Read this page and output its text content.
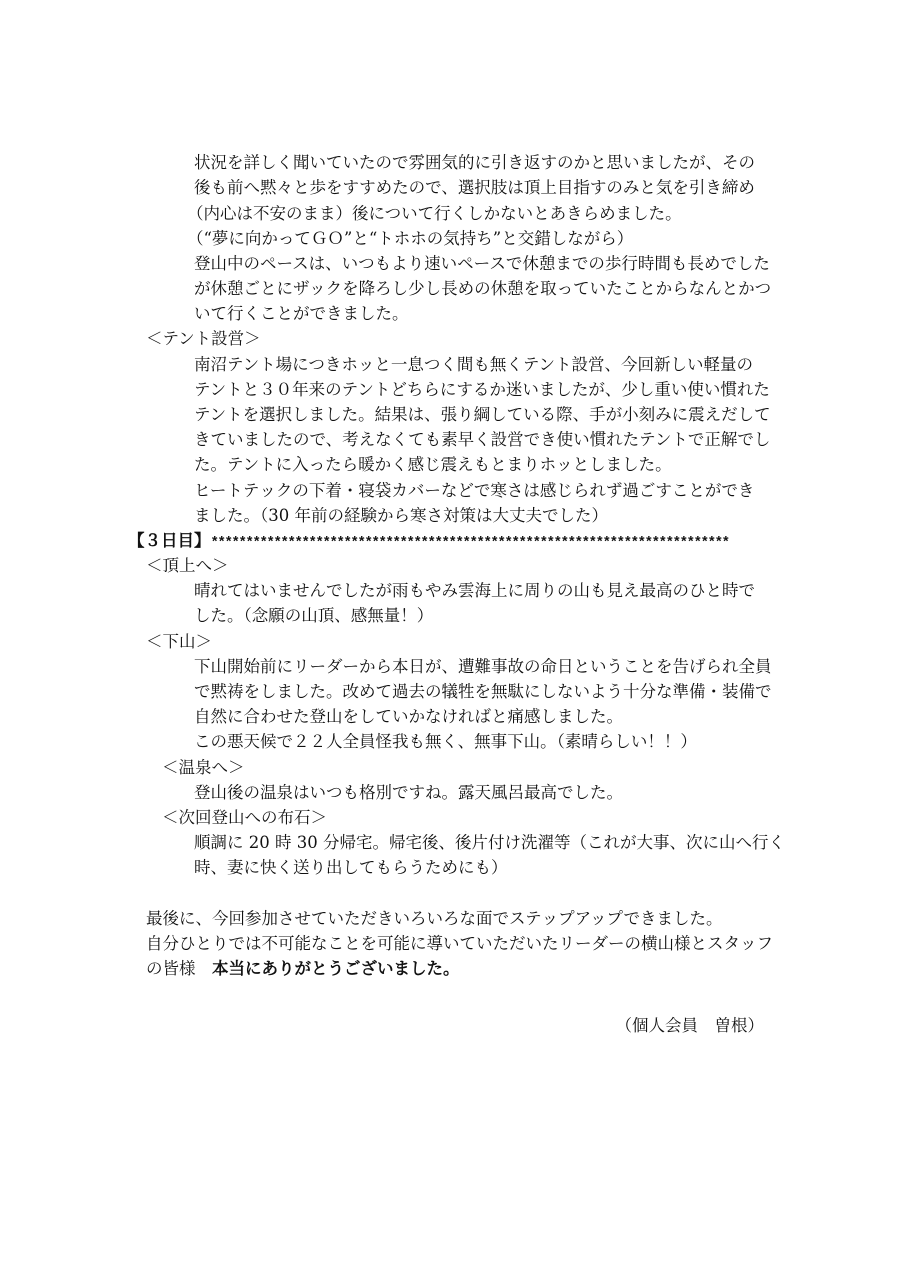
状況を詳しく聞いていたので雰囲気的に引き返すのかと思いましたが、その
後も前へ黙々と歩をすすめたので、選択肢は頂上目指すのみと気を引き締め
（内心は不安のまま）後について行くしかないとあきらめました。
（“夢に向かってＧＯ”と“トホホの気持ち”と交錯しながら）
登山中のペースは、いつもより速いペースで休憩までの歩行時間も長めでした
が休憩ごとにザックを降ろし少し長めの休憩を取っていたことからなんとかつ
いて行くことができました。
＜テント設営＞
南沼テント場につきホッと一息つく間も無くテント設営、今回新しい軽量の
テントと３０年来のテントどちらにするか迷いましたが、少し重い使い慣れた
テントを選択しました。結果は、張り綱している際、手が小刻みに震えだして
きていましたので、考えなくても素早く設営でき使い慣れたテントで正解でし
た。テントに入ったら暖かく感じ震えもとまりホッとしました。
ヒートテックの下着・寝袋カバーなどで寒さは感じられず過ごすことができ
ました。（30 年前の経験から寒さ対策は大丈夫でした）
【３日目】**************************************************************************
＜頂上へ＞
晴れてはいませんでしたが雨もやみ雲海上に周りの山も見え最高のひと時で
した。（念願の山頂、感無量！）
＜下山＞
下山開始前にリーダーから本日が、遭難事故の命日ということを告げられ全員
で黙祷をしました。改めて過去の犠牲を無駄にしないよう十分な準備・装備で
自然に合わせた登山をしていかなければと痛感しました。
この悪天候で２２人全員怪我も無く、無事下山。（素晴らしい！！）
＜温泉へ＞
登山後の温泉はいつも格別ですね。露天風呂最高でした。
＜次回登山への布石＞
順調に 20 時 30 分帰宅。帰宅後、後片付け洗濯等（これが大事、次に山へ行く
時、妻に快く送り出してもらうためにも）
最後に、今回参加させていただきいろいろな面でステップアップできました。
自分ひとりでは不可能なことを可能に導いていただいたリーダーの横山様とスタッフ
の皆様　本当にありがとうございました。
（個人会員　曽根）
